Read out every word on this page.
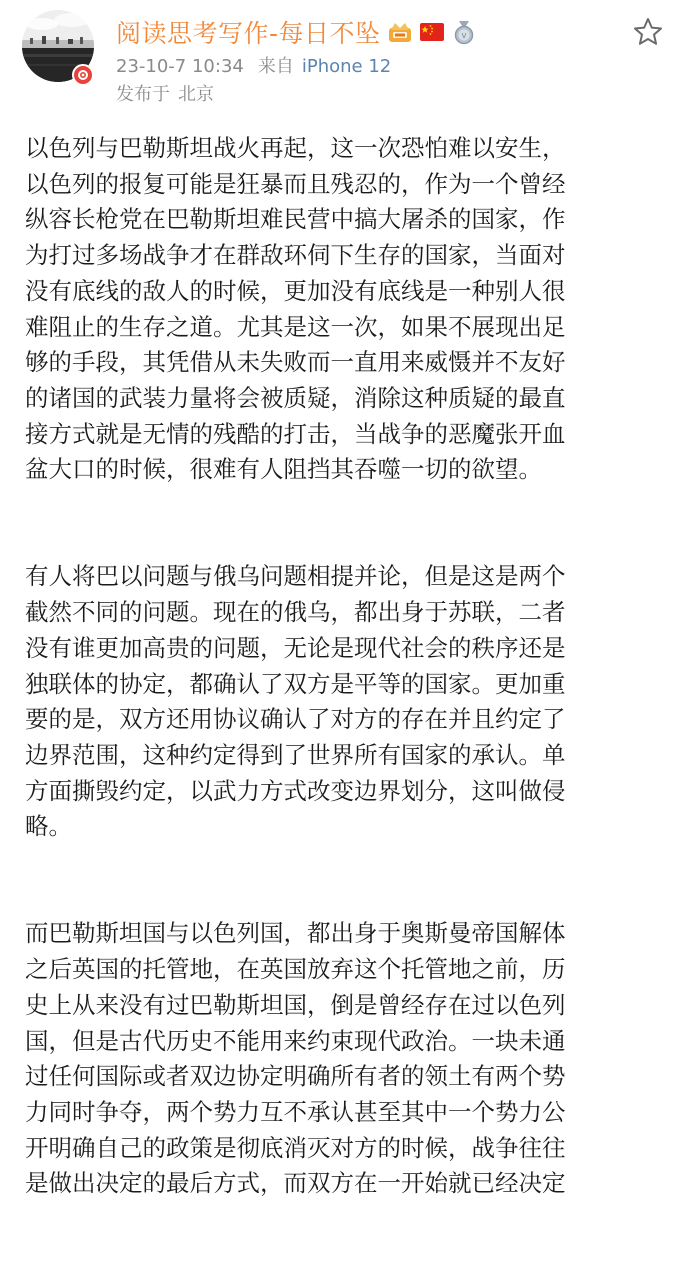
阅读思考写作-每日不坠	V
23-10-7 10:34 来自 iPhone 12
发布于 北京
以色列与巴勒斯坦战火再起，这一次恐怕难以安生，
以色列的报复可能是狂暴而且残忍的，作为一个曾经
纵容长枪党在巴勒斯坦难民营中搞大屠杀的国家，作
为打过多场战争才在群敌环伺下生存的国家，当面对
没有底线的敌人的时候，更加没有底线是一种别人很
难阻止的生存之道。尤其是这一次，如果不展现出足
够的手段，其凭借从未失败而一直用来威慑并不友好
的诸国的武装力量将会被质疑，消除这种质疑的最直
接方式就是无情的残酷的打击，当战争的恶魔张开血
盆大口的时候，很难有人阻挡其吞噬一切的欲望。
有人将巴以问题与俄乌问题相提并论，但是这是两个
截然不同的问题。现在的俄乌，都出身于苏联，二者
没有谁更加高贵的问题，无论是现代社会的秩序还是
独联体的协定，都确认了双方是平等的国家。更加重
要的是，双方还用协议确认了对方的存在并且约定了
边界范围，这种约定得到了世界所有国家的承认。单
方面撕毁约定，以武力方式改变边界划分，这叫做侵
略。
而巴勒斯坦国与以色列国，都出身于奥斯曼帝国解体
之后英国的托管地，在英国放弃这个托管地之前，历
史上从来没有过巴勒斯坦国，倒是曾经存在过以色列
国，但是古代历史不能用来约束现代政治。一块未通
过任何国际或者双边协定明确所有者的领土有两个势
力同时争夺，两个势力互不承认甚至其中一个势力公
开明确自己的政策是彻底消灭对方的时候，战争往往
是做出决定的最后方式，而双方在一开始就已经决定
